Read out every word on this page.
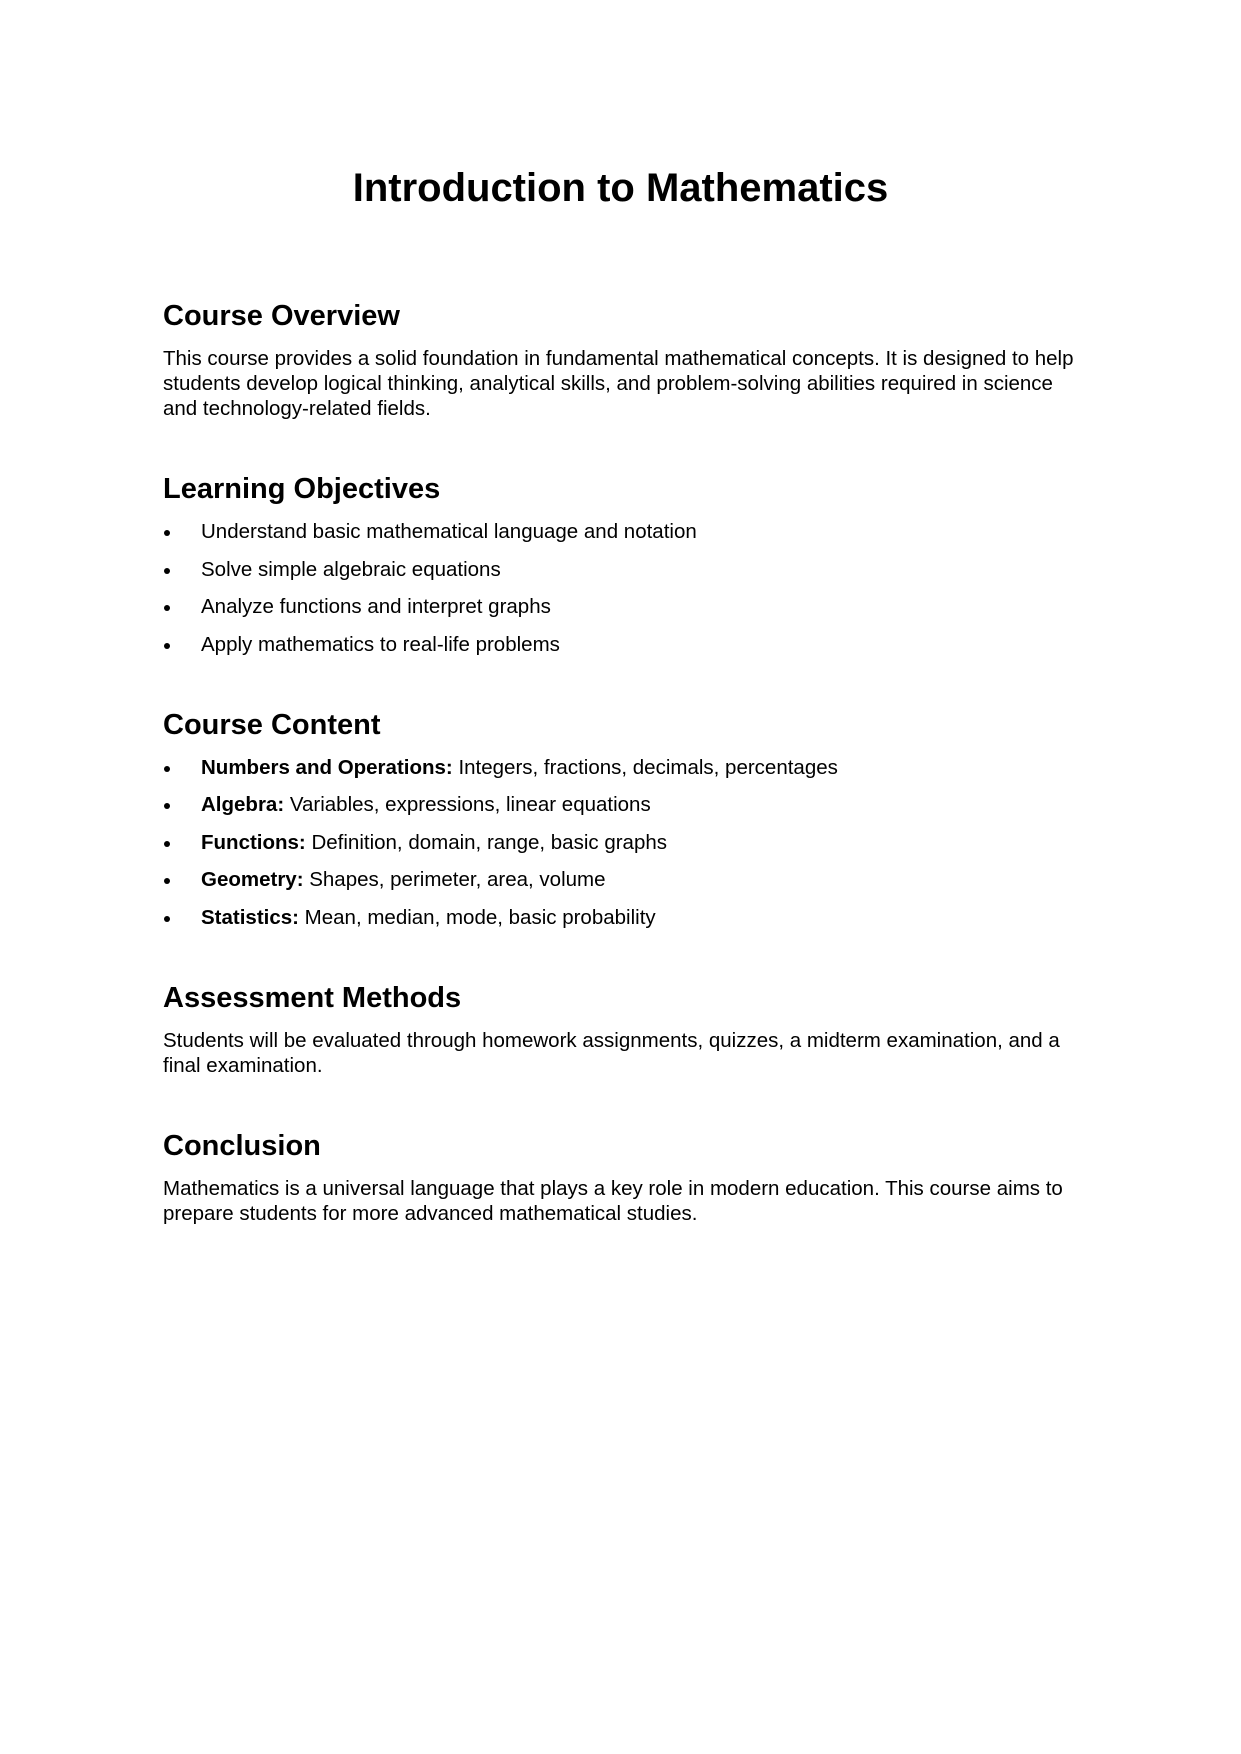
Introduction to Mathematics
Course Overview

This course provides a solid foundation in fundamental mathematical concepts. It is designed to help students develop logical thinking, analytical skills, and problem-solving abilities required in science and technology-related fields.

Learning Objectives
Understand basic mathematical language and notation
Solve simple algebraic equations
Analyze functions and interpret graphs
Apply mathematics to real-life problems
Course Content
Numbers and Operations: Integers, fractions, decimals, percentages
Algebra: Variables, expressions, linear equations
Functions: Definition, domain, range, basic graphs
Geometry: Shapes, perimeter, area, volume
Statistics: Mean, median, mode, basic probability
Assessment Methods

Students will be evaluated through homework assignments, quizzes, a midterm examination, and a final examination.

Conclusion

Mathematics is a universal language that plays a key role in modern education. This course aims to prepare students for more advanced mathematical studies.
